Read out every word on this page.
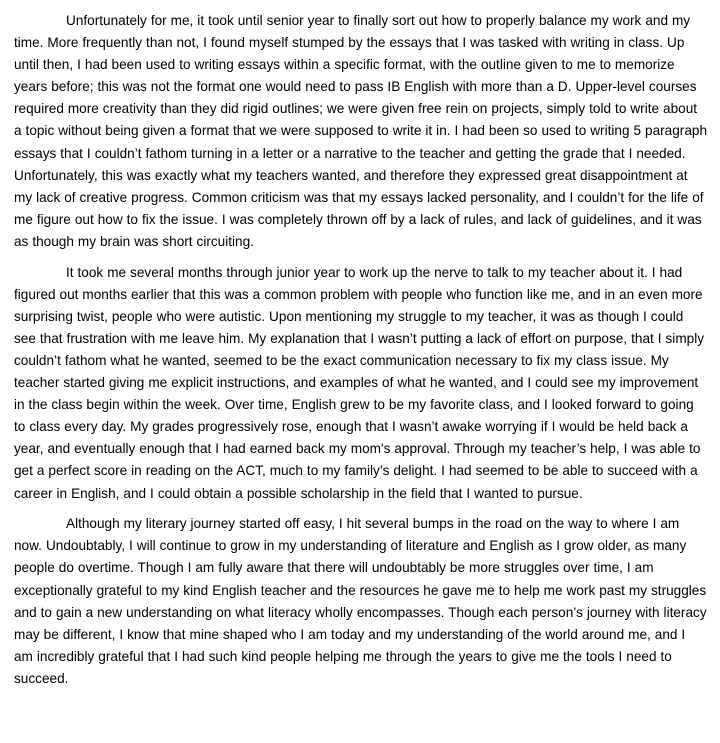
Unfortunately for me, it took until senior year to finally sort out how to properly balance my work and my time. More frequently than not, I found myself stumped by the essays that I was tasked with writing in class. Up until then, I had been used to writing essays within a specific format, with the outline given to me to memorize years before; this was not the format one would need to pass IB English with more than a D. Upper-level courses required more creativity than they did rigid outlines; we were given free rein on projects, simply told to write about a topic without being given a format that we were supposed to write it in. I had been so used to writing 5 paragraph essays that I couldn’t fathom turning in a letter or a narrative to the teacher and getting the grade that I needed. Unfortunately, this was exactly what my teachers wanted, and therefore they expressed great disappointment at my lack of creative progress. Common criticism was that my essays lacked personality, and I couldn’t for the life of me figure out how to fix the issue. I was completely thrown off by a lack of rules, and lack of guidelines, and it was as though my brain was short circuiting.

It took me several months through junior year to work up the nerve to talk to my teacher about it. I had figured out months earlier that this was a common problem with people who function like me, and in an even more surprising twist, people who were autistic. Upon mentioning my struggle to my teacher, it was as though I could see that frustration with me leave him. My explanation that I wasn’t putting a lack of effort on purpose, that I simply couldn’t fathom what he wanted, seemed to be the exact communication necessary to fix my class issue. My teacher started giving me explicit instructions, and examples of what he wanted, and I could see my improvement in the class begin within the week. Over time, English grew to be my favorite class, and I looked forward to going to class every day. My grades progressively rose, enough that I wasn’t awake worrying if I would be held back a year, and eventually enough that I had earned back my mom's approval. Through my teacher’s help, I was able to get a perfect score in reading on the ACT, much to my family’s delight. I had seemed to be able to succeed with a career in English, and I could obtain a possible scholarship in the field that I wanted to pursue.

Although my literary journey started off easy, I hit several bumps in the road on the way to where I am now. Undoubtably, I will continue to grow in my understanding of literature and English as I grow older, as many people do overtime. Though I am fully aware that there will undoubtably be more struggles over time, I am exceptionally grateful to my kind English teacher and the resources he gave me to help me work past my struggles and to gain a new understanding on what literacy wholly encompasses. Though each person’s journey with literacy may be different, I know that mine shaped who I am today and my understanding of the world around me, and I am incredibly grateful that I had such kind people helping me through the years to give me the tools I need to succeed.
